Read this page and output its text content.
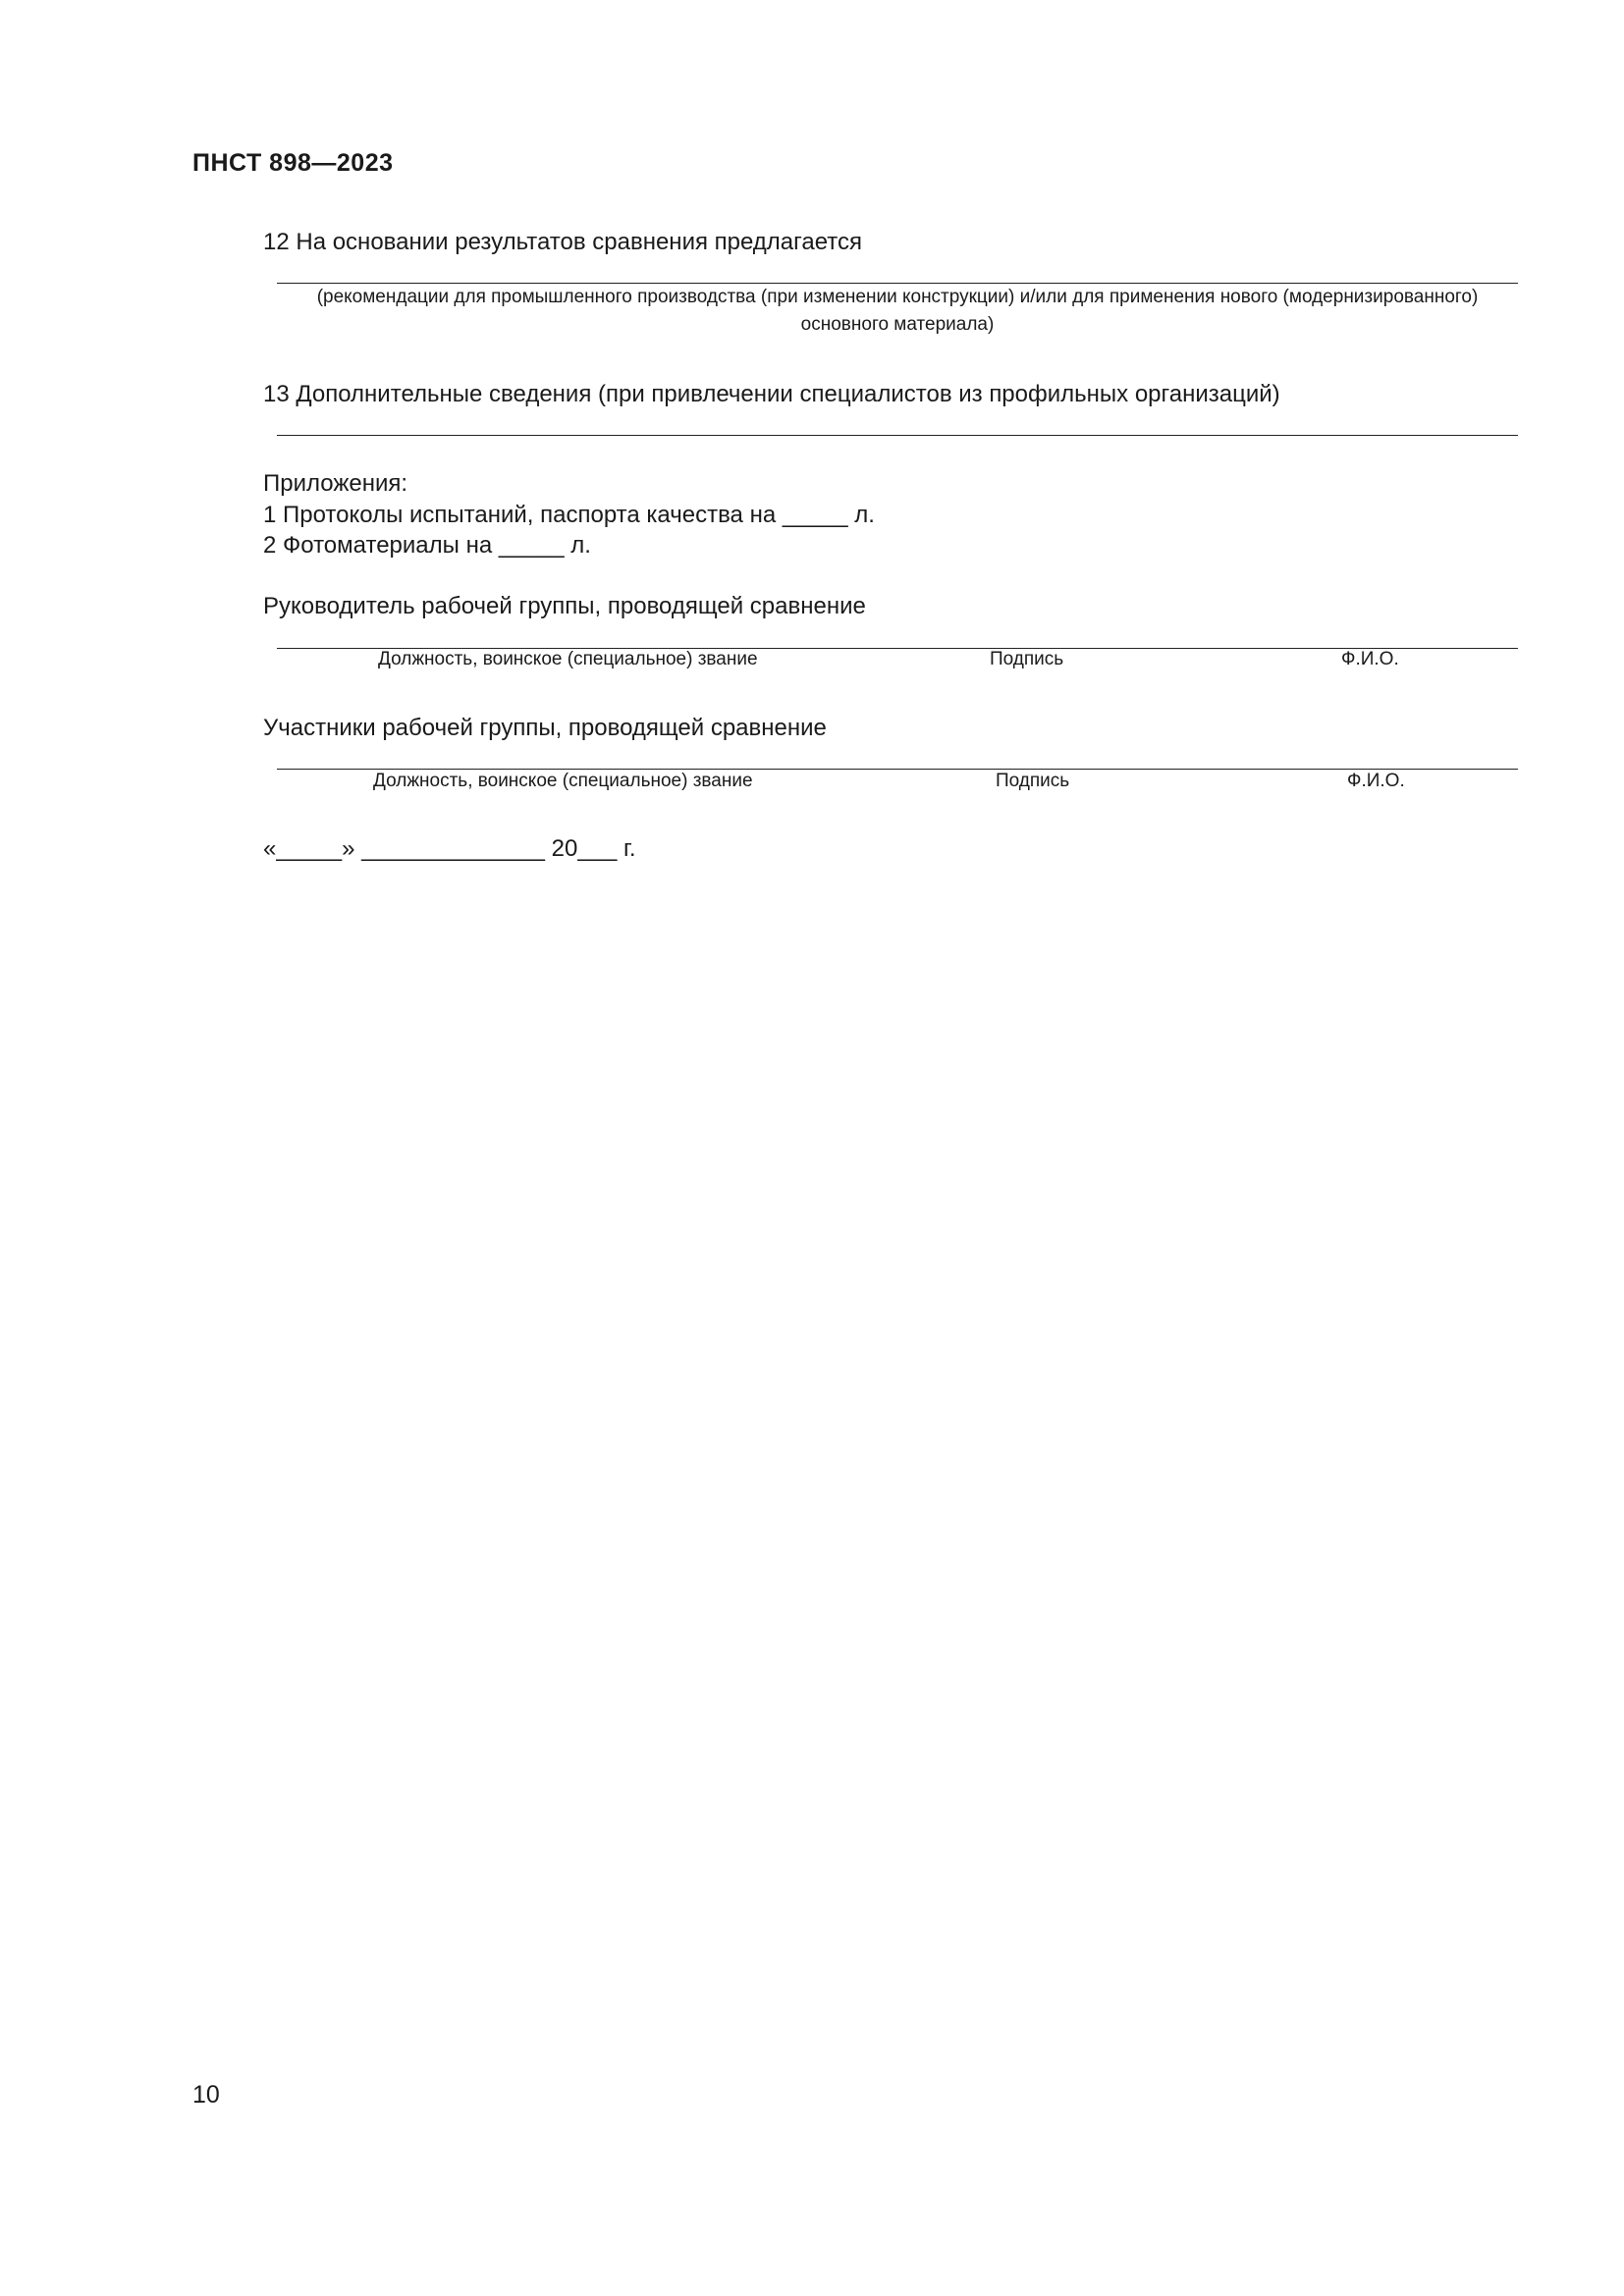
ПНСТ 898—2023
12 На основании результатов сравнения предлагается
(рекомендации для промышленного производства (при изменении конструкции) и/или для применения нового (модернизированного)
основного материала)
13 Дополнительные сведения (при привлечении специалистов из профильных организаций)
Приложения:
1 Протоколы испытаний, паспорта качества на _____ л.
2 Фотоматериалы на _____ л.
Руководитель рабочей группы, проводящей сравнение
Должность, воинское (специальное) звание	Подпись	Ф.И.О.
Участники рабочей группы, проводящей сравнение
Должность, воинское (специальное) звание	Подпись	Ф.И.О.
«_____» ______________ 20___ г.
10
